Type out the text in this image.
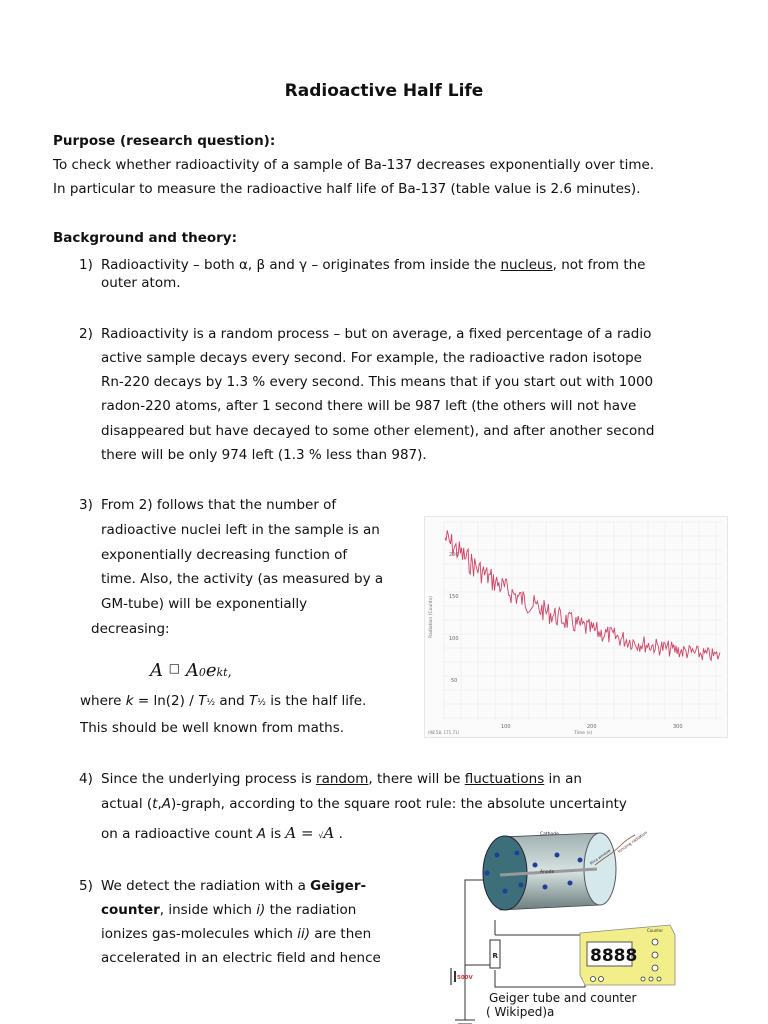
Radioactive Half Life
Purpose (research question):
To check whether radioactivity of a sample of Ba-137 decreases exponentially over time.
In particular to measure the radioactive half life of Ba-137 (table value is 2.6 minutes).
Background and theory:
1) Radioactivity – both α, β and γ – originates from inside the nucleus, not from the
outer atom.
2) Radioactivity is a random process – but on average, a fixed percentage of a radio
active sample decays every second. For example, the radioactive radon isotope
Rn-220 decays by 1.3 % every second. This means that if you start out with 1000
radon-220 atoms, after 1 second there will be 987 left (the others will not have
disappeared but have decayed to some other element), and after another second
there will be only 974 left (1.3 % less than 987).
3) From 2) follows that the number of
radioactive nuclei left in the sample is an
exponentially decreasing function of
time. Also, the activity (as measured by a
GM-tube) will be exponentially
decreasing:
A □ A0ekt,
where k = ln(2) / T½ and T½ is the half life.
This should be well known from maths.
Radiation (Counts)
200
150
100
50
100	200	300
Time (s)
(98.58, 171.71)
4) Since the underlying process is random, there will be fluctuations in an
actual (t,A)-graph, according to the square root rule: the absolute uncertainty
on a radioactive count A is A = √A .
5) We detect the radiation with a Geiger-
counter, inside which i) the radiation
ionizes gas-molecules which ii) are then
accelerated in an electric field and hence
500V
R
Cathode
Anode
Mica window
Ionizing radiation
Counter
8888
Geiger tube and counter
( Wikiped)a
